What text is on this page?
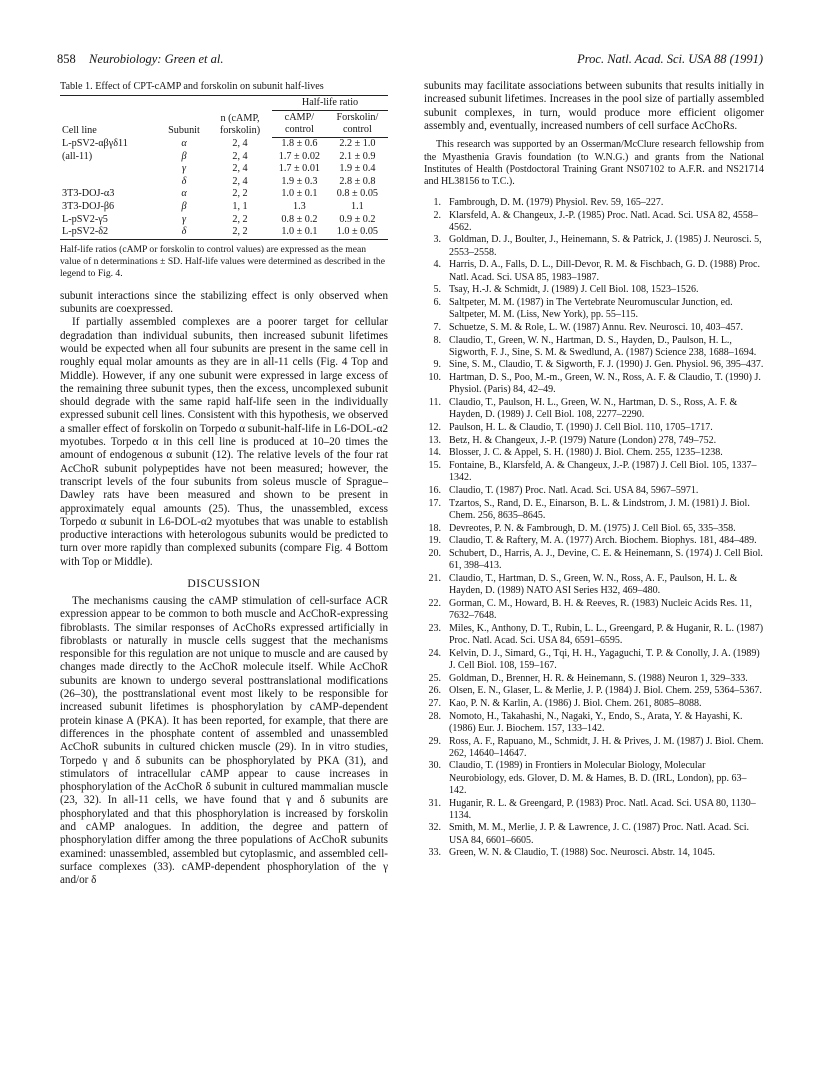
858 Neurobiology: Green et al.	Proc. Natl. Acad. Sci. USA 88 (1991)

Table 1. Effect of CPT-cAMP and forskolin on subunit half-lives

Cell line	Subunit	n (cAMP, forskolin)	Half-life ratio	
			cAMP/ control	Forskolin/ control
L-pSV2-αβγδ11	α	2, 4	1.8 ± 0.6	2.2 ± 1.0
(all-11)	β	2, 4	1.7 ± 0.02	2.1 ± 0.9
	γ	2, 4	1.7 ± 0.01	1.9 ± 0.4
	δ	2, 4	1.9 ± 0.3	2.8 ± 0.8
3T3-DOJ-α3	α	2, 2	1.0 ± 0.1	0.8 ± 0.05
3T3-DOJ-β6	β	1, 1	1.3	1.1
L-pSV2-γ5	γ	2, 2	0.8 ± 0.2	0.9 ± 0.2
L-pSV2-δ2	δ	2, 2	1.0 ± 0.1	1.0 ± 0.05

Half-life ratios (cAMP or forskolin to control values) are expressed as the mean value of n determinations ± SD. Half-life values were determined as described in the legend to Fig. 4.

subunit interactions since the stabilizing effect is only observed when subunits are coexpressed.

If partially assembled complexes are a poorer target for cellular degradation than individual subunits, then increased subunit lifetimes would be expected when all four subunits are present in the same cell in roughly equal molar amounts as they are in all-11 cells (Fig. 4 Top and Middle). However, if any one subunit were expressed in large excess of the remaining three subunit types, then the excess, uncomplexed subunit should degrade with the same rapid half-life seen in the individually expressed subunit cell lines. Consistent with this hypothesis, we observed a smaller effect of forskolin on Torpedo α subunit-half-life in L6-DOL-α2 myotubes. Torpedo α in this cell line is produced at 10–20 times the amount of endogenous α subunit (12). The relative levels of the four rat AcChoR subunit polypeptides have not been measured; however, the transcript levels of the four subunits from soleus muscle of Sprague–Dawley rats have been measured and shown to be present in approximately equal amounts (25). Thus, the unassembled, excess Torpedo α subunit in L6-DOL-α2 myotubes that was unable to establish productive interactions with heterologous subunits would be predicted to turn over more rapidly than complexed subunits (compare Fig. 4 Bottom with Top or Middle).

DISCUSSION

The mechanisms causing the cAMP stimulation of cell-surface ACR expression appear to be common to both muscle and AcChoR-expressing fibroblasts. The similar responses of AcChoRs expressed artificially in fibroblasts or naturally in muscle cells suggest that the mechanisms responsible for this regulation are not unique to muscle and are caused by changes made directly to the AcChoR molecule itself. While AcChoR subunits are known to undergo several posttranslational modifications (26–30), the posttranslational event most likely to be responsible for increased subunit lifetimes is phosphorylation by cAMP-dependent protein kinase A (PKA). It has been reported, for example, that there are differences in the phosphate content of assembled and unassembled AcChoR subunits in cultured chicken muscle (29). In in vitro studies, Torpedo γ and δ subunits can be phosphorylated by PKA (31), and stimulators of intracellular cAMP appear to cause increases in phosphorylation of the AcChoR δ subunit in cultured mammalian muscle (23, 32). In all-11 cells, we have found that γ and δ subunits are phosphorylated and that this phosphorylation is increased by forskolin and cAMP analogues. In addition, the degree and pattern of phosphorylation differ among the three populations of AcChoR subunits examined: unassembled, assembled but cytoplasmic, and assembled cell-surface complexes (33). cAMP-dependent phosphorylation of the γ and/or δ

subunits may facilitate associations between subunits that results initially in increased subunit lifetimes. Increases in the pool size of partially assembled subunit complexes, in turn, would produce more efficient oligomer assembly and, eventually, increased numbers of cell surface AcChoRs.

This research was supported by an Osserman/McClure research fellowship from the Myasthenia Gravis foundation (to W.N.G.) and grants from the National Institutes of Health (Postdoctoral Training Grant NS07102 to A.F.R. and NS21714 and HL38156 to T.C.).

1. Fambrough, D. M. (1979) Physiol. Rev. 59, 165–227.
2. Klarsfeld, A. & Changeux, J.-P. (1985) Proc. Natl. Acad. Sci. USA 82, 4558–4562.
3. Goldman, D. J., Boulter, J., Heinemann, S. & Patrick, J. (1985) J. Neurosci. 5, 2553–2558.
4. Harris, D. A., Falls, D. L., Dill-Devor, R. M. & Fischbach, G. D. (1988) Proc. Natl. Acad. Sci. USA 85, 1983–1987.
5. Tsay, H.-J. & Schmidt, J. (1989) J. Cell Biol. 108, 1523–1526.
6. Saltpeter, M. M. (1987) in The Vertebrate Neuromuscular Junction, ed. Saltpeter, M. M. (Liss, New York), pp. 55–115.
7. Schuetze, S. M. & Role, L. W. (1987) Annu. Rev. Neurosci. 10, 403–457.
8. Claudio, T., Green, W. N., Hartman, D. S., Hayden, D., Paulson, H. L., Sigworth, F. J., Sine, S. M. & Swedlund, A. (1987) Science 238, 1688–1694.
9. Sine, S. M., Claudio, T. & Sigworth, F. J. (1990) J. Gen. Physiol. 96, 395–437.
10. Hartman, D. S., Poo, M.-m., Green, W. N., Ross, A. F. & Claudio, T. (1990) J. Physiol. (Paris) 84, 42–49.
11. Claudio, T., Paulson, H. L., Green, W. N., Hartman, D. S., Ross, A. F. & Hayden, D. (1989) J. Cell Biol. 108, 2277–2290.
12. Paulson, H. L. & Claudio, T. (1990) J. Cell Biol. 110, 1705–1717.
13. Betz, H. & Changeux, J.-P. (1979) Nature (London) 278, 749–752.
14. Blosser, J. C. & Appel, S. H. (1980) J. Biol. Chem. 255, 1235–1238.
15. Fontaine, B., Klarsfeld, A. & Changeux, J.-P. (1987) J. Cell Biol. 105, 1337–1342.
16. Claudio, T. (1987) Proc. Natl. Acad. Sci. USA 84, 5967–5971.
17. Tzartos, S., Rand, D. E., Einarson, B. L. & Lindstrom, J. M. (1981) J. Biol. Chem. 256, 8635–8645.
18. Devreotes, P. N. & Fambrough, D. M. (1975) J. Cell Biol. 65, 335–358.
19. Claudio, T. & Raftery, M. A. (1977) Arch. Biochem. Biophys. 181, 484–489.
20. Schubert, D., Harris, A. J., Devine, C. E. & Heinemann, S. (1974) J. Cell Biol. 61, 398–413.
21. Claudio, T., Hartman, D. S., Green, W. N., Ross, A. F., Paulson, H. L. & Hayden, D. (1989) NATO ASI Series H32, 469–480.
22. Gorman, C. M., Howard, B. H. & Reeves, R. (1983) Nucleic Acids Res. 11, 7632–7648.
23. Miles, K., Anthony, D. T., Rubin, L. L., Greengard, P. & Huganir, R. L. (1987) Proc. Natl. Acad. Sci. USA 84, 6591–6595.
24. Kelvin, D. J., Simard, G., Tqi, H. H., Yagaguchi, T. P. & Conolly, J. A. (1989) J. Cell Biol. 108, 159–167.
25. Goldman, D., Brenner, H. R. & Heinemann, S. (1988) Neuron 1, 329–333.
26. Olsen, E. N., Glaser, L. & Merlie, J. P. (1984) J. Biol. Chem. 259, 5364–5367.
27. Kao, P. N. & Karlin, A. (1986) J. Biol. Chem. 261, 8085–8088.
28. Nomoto, H., Takahashi, N., Nagaki, Y., Endo, S., Arata, Y. & Hayashi, K. (1986) Eur. J. Biochem. 157, 133–142.
29. Ross, A. F., Rapuano, M., Schmidt, J. H. & Prives, J. M. (1987) J. Biol. Chem. 262, 14640–14647.
30. Claudio, T. (1989) in Frontiers in Molecular Biology, Molecular Neurobiology, eds. Glover, D. M. & Hames, B. D. (IRL, London), pp. 63–142.
31. Huganir, R. L. & Greengard, P. (1983) Proc. Natl. Acad. Sci. USA 80, 1130–1134.
32. Smith, M. M., Merlie, J. P. & Lawrence, J. C. (1987) Proc. Natl. Acad. Sci. USA 84, 6601–6605.
33. Green, W. N. & Claudio, T. (1988) Soc. Neurosci. Abstr. 14, 1045.
